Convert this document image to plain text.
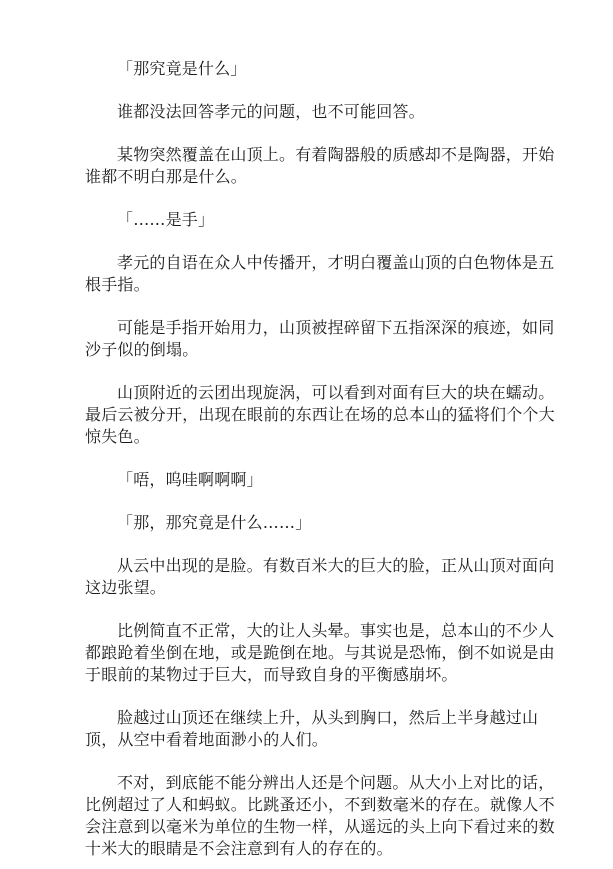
「那究竟是什么」

谁都没法回答孝元的问题，也不可能回答。

某物突然覆盖在山顶上。有着陶器般的质感却不是陶器，开始谁都不明白那是什么。

「……是手」

孝元的自语在众人中传播开，才明白覆盖山顶的白色物体是五根手指。

可能是手指开始用力，山顶被捏碎留下五指深深的痕迹，如同沙子似的倒塌。

山顶附近的云团出现旋涡，可以看到对面有巨大的块在蠕动。最后云被分开，出现在眼前的东西让在场的总本山的猛将们个个大惊失色。

「唔，呜哇啊啊啊」

「那，那究竟是什么……」

从云中出现的是脸。有数百米大的巨大的脸，正从山顶对面向这边张望。

比例简直不正常，大的让人头晕。事实也是，总本山的不少人都踉跄着坐倒在地，或是跪倒在地。与其说是恐怖，倒不如说是由于眼前的某物过于巨大，而导致自身的平衡感崩坏。

脸越过山顶还在继续上升，从头到胸口，然后上半身越过山顶，从空中看着地面渺小的人们。

不对，到底能不能分辨出人还是个问题。从大小上对比的话，比例超过了人和蚂蚁。比跳蚤还小，不到数毫米的存在。就像人不会注意到以毫米为单位的生物一样，从遥远的头上向下看过来的数十米大的眼睛是不会注意到有人的存在的。
